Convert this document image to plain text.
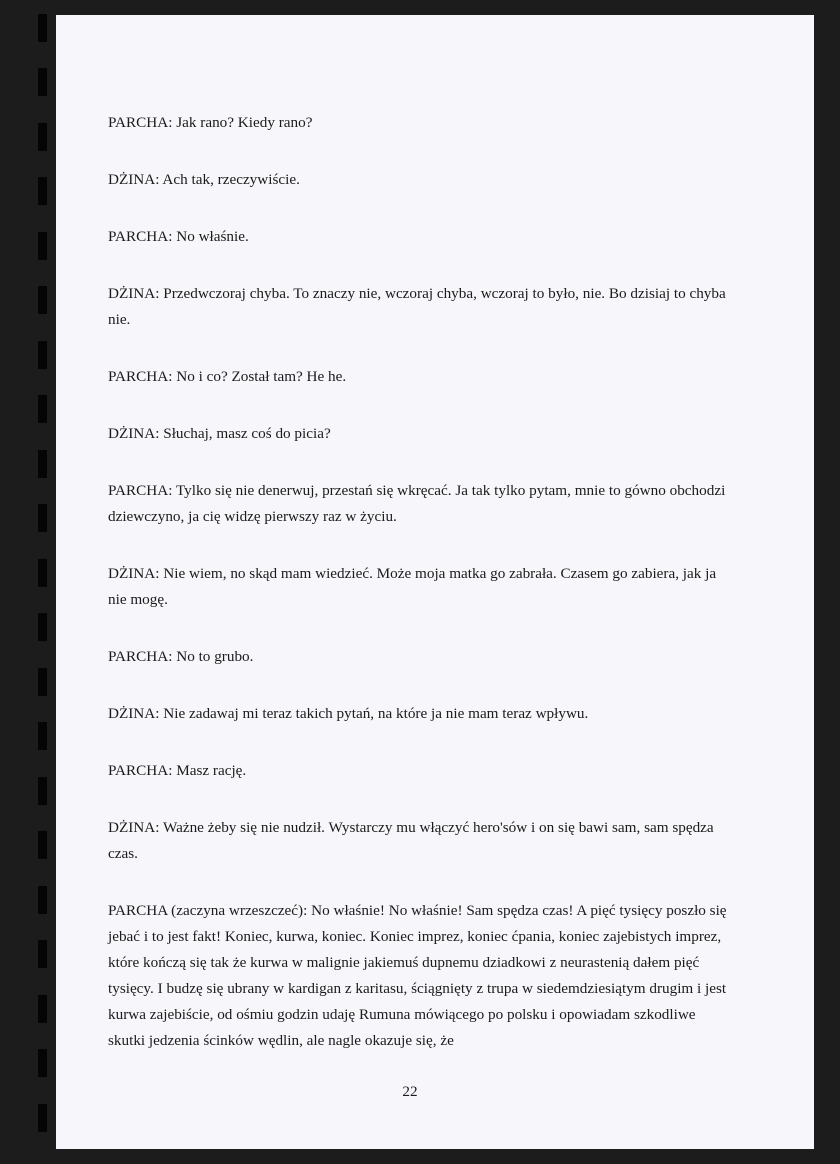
PARCHA: Jak rano? Kiedy rano?

DŻINA: Ach tak, rzeczywiście.

PARCHA: No właśnie.

DŻINA: Przedwczoraj chyba. To znaczy nie, wczoraj chyba, wczoraj to było, nie. Bo dzisiaj to chyba nie.

PARCHA: No i co? Został tam? He he.

DŻINA: Słuchaj, masz coś do picia?

PARCHA: Tylko się nie denerwuj, przestań się wkręcać. Ja tak tylko pytam, mnie to gówno obchodzi dziewczyno, ja cię widzę pierwszy raz w życiu.

DŻINA: Nie wiem, no skąd mam wiedzieć. Może moja matka go zabrała. Czasem go zabiera, jak ja nie mogę.

PARCHA: No to grubo.

DŻINA: Nie zadawaj mi teraz takich pytań, na które ja nie mam teraz wpływu.

PARCHA: Masz rację.

DŻINA: Ważne żeby się nie nudził. Wystarczy mu włączyć hero'sów i on się bawi sam, sam spędza czas.

PARCHA (zaczyna wrzeszczeć): No właśnie! No właśnie! Sam spędza czas! A pięć tysięcy poszło się jebać i to jest fakt! Koniec, kurwa, koniec. Koniec imprez, koniec ćpania, koniec zajebistych imprez, które kończą się tak że kurwa w malignie jakiemuś dupnemu dziadkowi z neurastenią dałem pięć tysięcy. I budzę się ubrany w kardigan z karitasu, ściągnięty z trupa w siedemdziesiątym drugim i jest kurwa zajebiście, od ośmiu godzin udaję Rumuna mówiącego po polsku i opowiadam szkodliwe skutki jedzenia ścinków wędlin, ale nagle okazuje się, że

22
